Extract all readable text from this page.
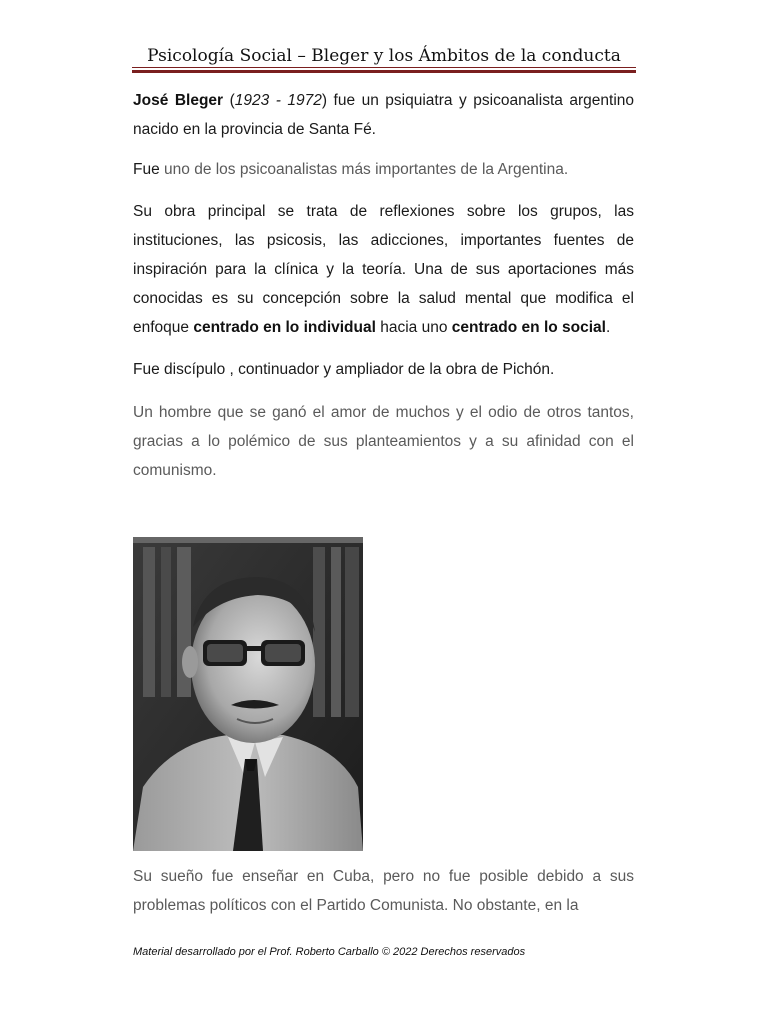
Psicología Social – Bleger y los Ámbitos de la conducta

José Bleger (1923 - 1972) fue un psiquiatra y psicoanalista argentino nacido en la provincia de Santa Fé.

Fue uno de los psicoanalistas más importantes de la Argentina.

Su obra principal se trata de reflexiones sobre los grupos, las instituciones, las psicosis, las adicciones, importantes fuentes de inspiración para la clínica y la teoría. Una de sus aportaciones más conocidas es su concepción sobre la salud mental que modifica el enfoque centrado en lo individual hacia uno centrado en lo social.

Fue discípulo , continuador y ampliador de la obra de Pichón.

Un hombre que se ganó el amor de muchos y el odio de otros tantos, gracias a lo polémico de sus planteamientos y a su afinidad con el comunismo.

Su sueño fue enseñar en Cuba, pero no fue posible debido a sus problemas políticos con el Partido Comunista. No obstante, en la

Material desarrollado por el Prof. Roberto Carballo © 2022 Derechos reservados
